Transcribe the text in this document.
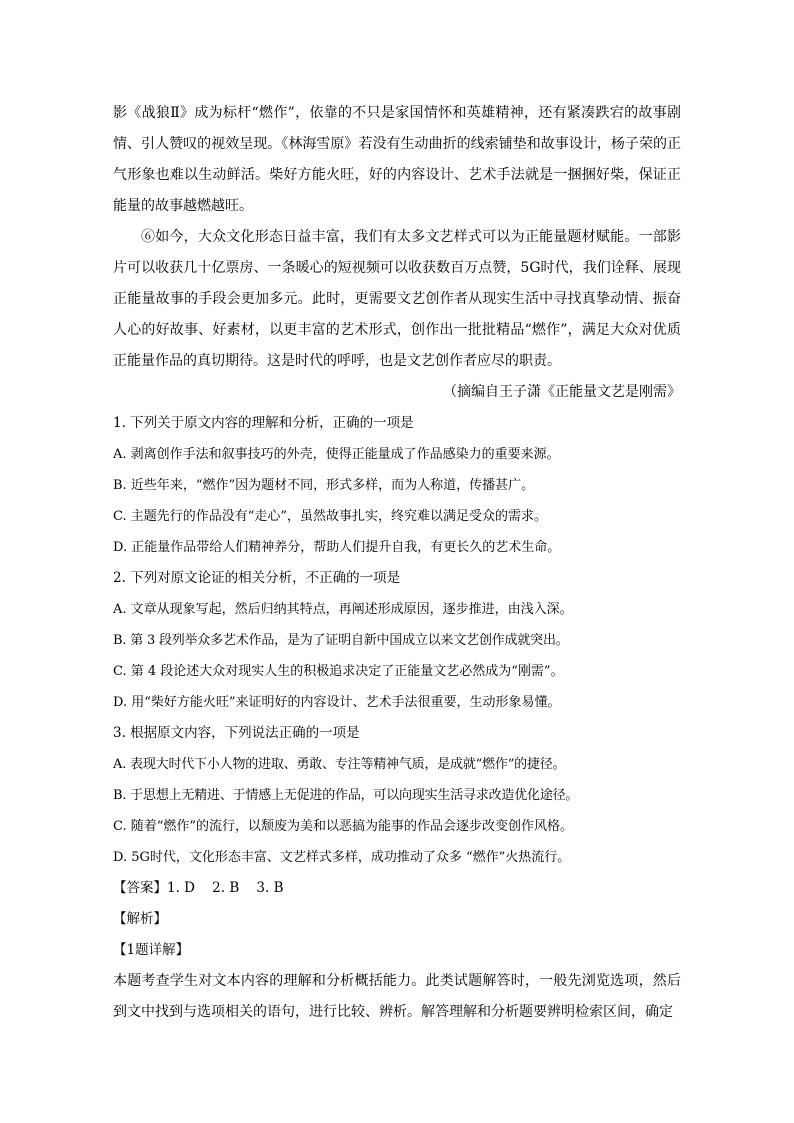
影《战狼Ⅱ》成为标杆“燃作”，依靠的不只是家国情怀和英雄精神，还有紧凑跌宕的故事剧情、引人赞叹的视效呈现。《林海雪原》若没有生动曲折的线索铺垫和故事设计，杨子荣的正气形象也难以生动鲜活。柴好方能火旺，好的内容设计、艺术手法就是一捆捆好柴，保证正能量的故事越燃越旺。

⑥如今，大众文化形态日益丰富，我们有太多文艺样式可以为正能量题材赋能。一部影片可以收获几十亿票房、一条暖心的短视频可以收获数百万点赞，5G时代，我们诠释、展现正能量故事的手段会更加多元。此时，更需要文艺创作者从现实生活中寻找真挚动情、振奋人心的好故事、好素材，以更丰富的艺术形式，创作出一批批精品“燃作”，满足大众对优质正能量作品的真切期待。这是时代的呼呼，也是文艺创作者应尽的职责。

（摘编自王子潇《正能量文艺是刚需》

1. 下列关于原文内容的理解和分析，正确的一项是

A. 剥离创作手法和叙事技巧的外壳，使得正能量成了作品感染力的重要来源。

B. 近些年来，“燃作”因为题材不同，形式多样，而为人称道，传播甚广。

C. 主题先行的作品没有“走心”，虽然故事扎实，终究难以满足受众的需求。

D. 正能量作品带给人们精神养分，帮助人们提升自我，有更长久的艺术生命。

2. 下列对原文论证的相关分析，不正确的一项是

A. 文章从现象写起，然后归纳其特点，再阐述形成原因，逐步推进，由浅入深。

B. 第 3 段列举众多艺术作品，是为了证明自新中国成立以来文艺创作成就突出。

C. 第 4 段论述大众对现实人生的积极追求决定了正能量文艺必然成为“刚需”。

D. 用“柴好方能火旺”来证明好的内容设计、艺术手法很重要，生动形象易懂。

3. 根据原文内容，下列说法正确的一项是

A. 表现大时代下小人物的进取、勇敢、专注等精神气质，是成就“燃作”的捷径。

B. 于思想上无精进、于情感上无促进的作品，可以向现实生活寻求改造优化途径。

C. 随着“燃作”的流行，以颓废为美和以恶搞为能事的作品会逐步改变创作风格。

D. 5G时代，文化形态丰富、文艺样式多样，成功推动了众多 “燃作”火热流行。

【答案】1. D    2. B    3. B

【解析】

【1题详解】

本题考查学生对文本内容的理解和分析概括能力。此类试题解答时，一般先浏览选项，然后到文中找到与选项相关的语句，进行比较、辨析。解答理解和分析题要辨明检索区间，确定
